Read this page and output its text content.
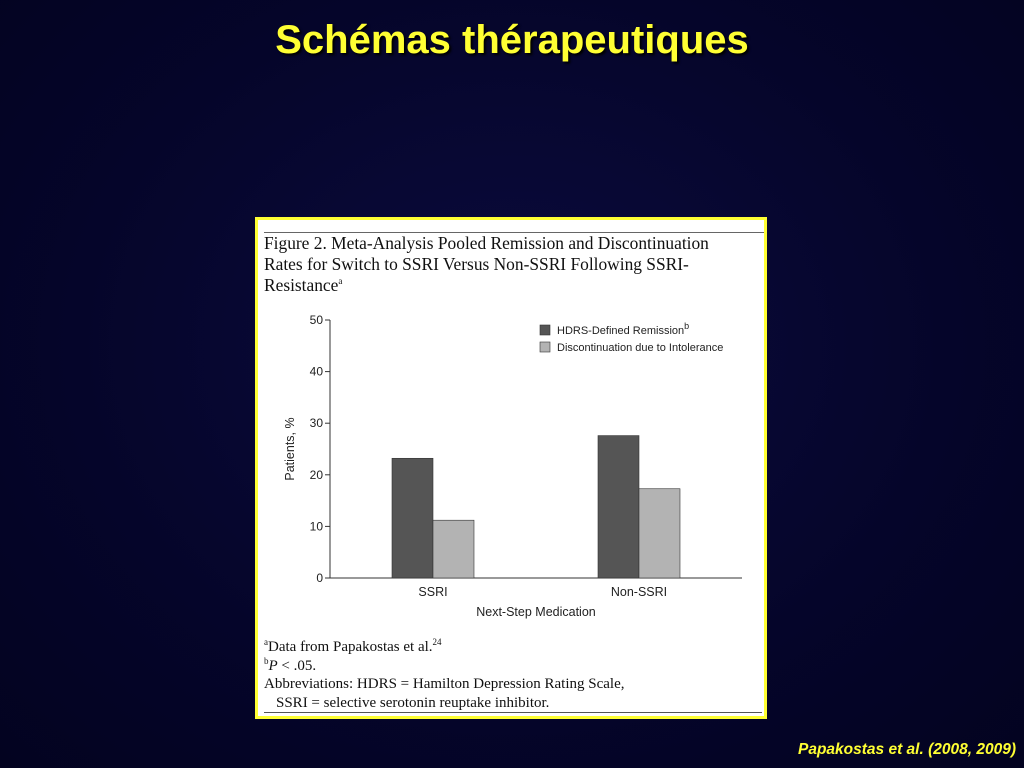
Schémas thérapeutiques
Figure 2. Meta-Analysis Pooled Remission and Discontinuation
Rates for Switch to SSRI Versus Non-SSRI Following SSRI-
Resistance$^a$
0
10
20
30
40
50
SSRI	Non-SSRI
Next-Step Medication
Patients, %
HDRS-Defined Remission$^b$
Discontinuation due to Intolerance
$^a$Data from Papakostas et al.$^{24}$
$^b$P < .05.
Abbreviations: HDRS = Hamilton Depression Rating Scale,
SSRI = selective serotonin reuptake inhibitor.
Papakostas et al. (2008, 2009)
